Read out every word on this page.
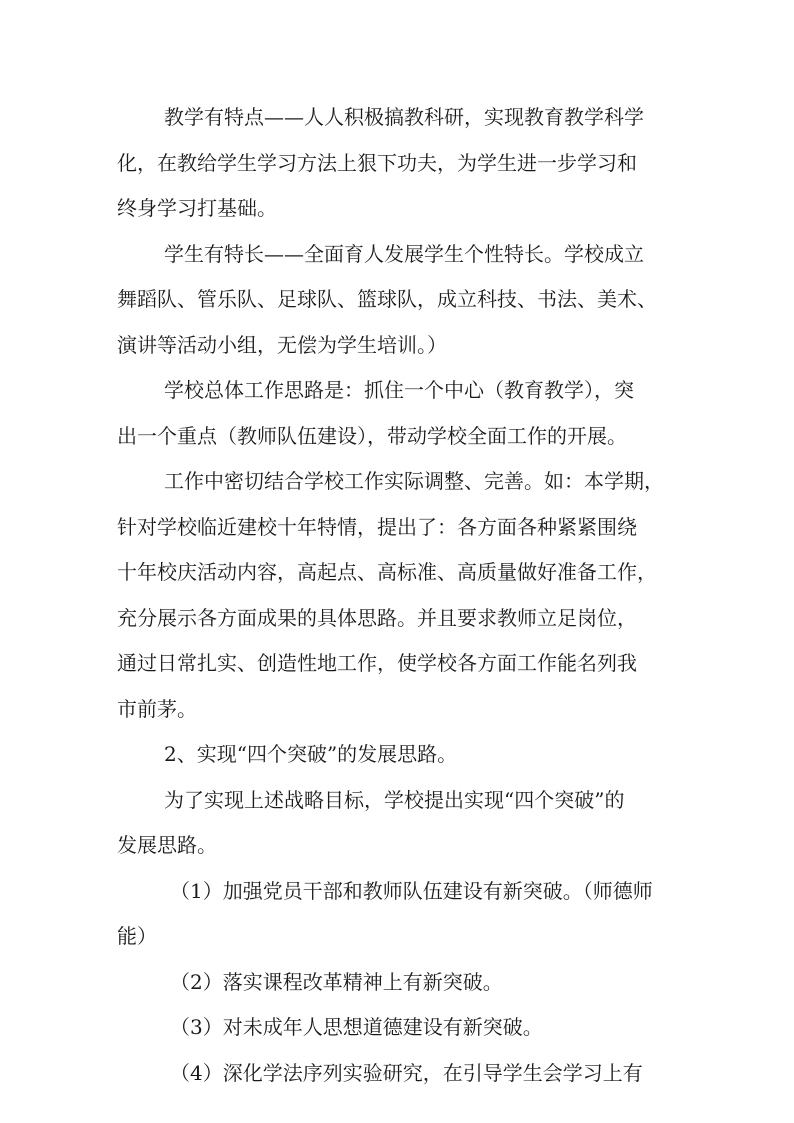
教学有特点——人人积极搞教科研，实现教育教学科学
化，在教给学生学习方法上狠下功夫，为学生进一步学习和
终身学习打基础。
学生有特长——全面育人发展学生个性特长。学校成立
舞蹈队、管乐队、足球队、篮球队，成立科技、书法、美术、
演讲等活动小组，无偿为学生培训。）
学校总体工作思路是：抓住一个中心（教育教学），突
出一个重点（教师队伍建设），带动学校全面工作的开展。
工作中密切结合学校工作实际调整、完善。如：本学期，
针对学校临近建校十年特情，提出了：各方面各种紧紧围绕
十年校庆活动内容，高起点、高标准、高质量做好准备工作，
充分展示各方面成果的具体思路。并且要求教师立足岗位，
通过日常扎实、创造性地工作，使学校各方面工作能名列我
市前茅。
2、实现“四个突破”的发展思路。
为了实现上述战略目标，学校提出实现“四个突破”的
发展思路。
（1）加强党员干部和教师队伍建设有新突破。（师德师
能）
（2）落实课程改革精神上有新突破。
（3）对未成年人思想道德建设有新突破。
（4）深化学法序列实验研究，在引导学生会学习上有
